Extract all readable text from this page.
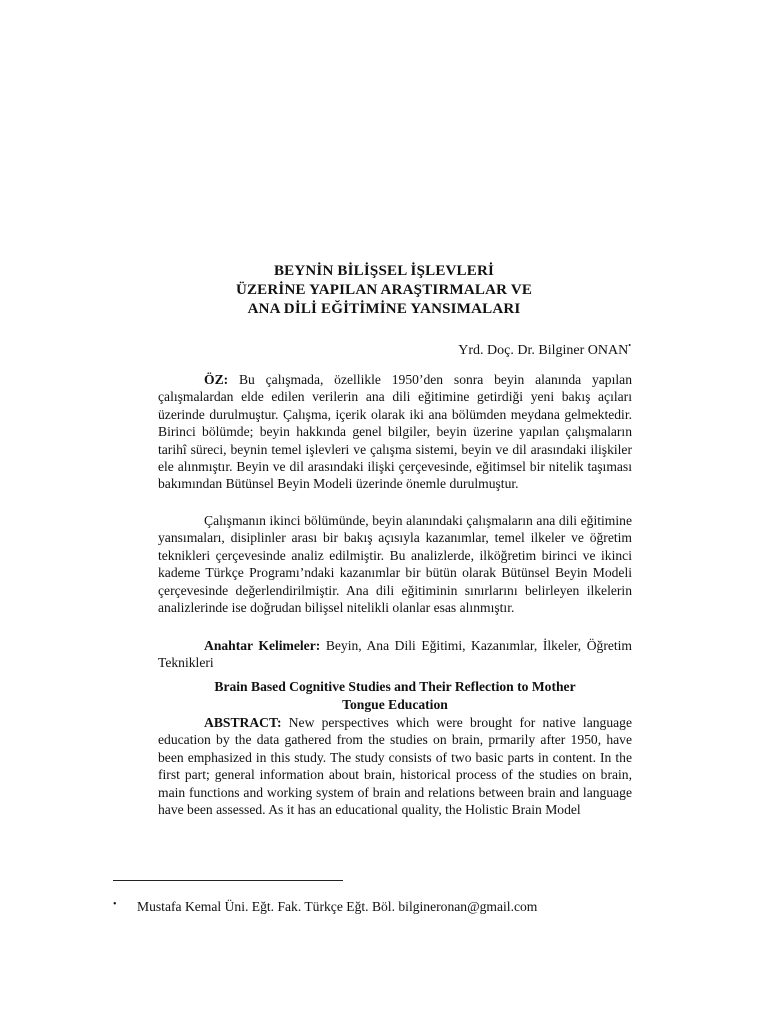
BEYNİN BİLİŞSEL İŞLEVLERİ
ÜZERİNE YAPILAN ARAŞTIRMALAR VE
ANA DİLİ EĞİTİMİNE YANSIMALARI
Yrd. Doç. Dr. Bilginer ONAN•

ÖZ: Bu çalışmada, özellikle 1950’den sonra beyin alanında yapılan çalışmalardan elde edilen verilerin ana dili eğitimine getirdiği yeni bakış açıları üzerinde durulmuştur. Çalışma, içerik olarak iki ana bölümden meydana gelmektedir. Birinci bölümde; beyin hakkında genel bilgiler, beyin üzerine yapılan çalışmaların tarihî süreci, beynin temel işlevleri ve çalışma sistemi, beyin ve dil arasındaki ilişkiler ele alınmıştır. Beyin ve dil arasındaki ilişki çerçevesinde, eğitimsel bir nitelik taşıması bakımından Bütünsel Beyin Modeli üzerinde önemle durulmuştur.

Çalışmanın ikinci bölümünde, beyin alanındaki çalışmaların ana dili eğitimine yansımaları, disiplinler arası bir bakış açısıyla kazanımlar, temel ilkeler ve öğretim teknikleri çerçevesinde analiz edilmiştir. Bu analizlerde, ilköğretim birinci ve ikinci kademe Türkçe Programı’ndaki kazanımlar bir bütün olarak Bütünsel Beyin Modeli çerçevesinde değerlendirilmiştir. Ana dili eğitiminin sınırlarını belirleyen ilkelerin analizlerinde ise doğrudan bilişsel nitelikli olanlar esas alınmıştır.

Anahtar Kelimeler: Beyin, Ana Dili Eğitimi, Kazanımlar, İlkeler, Öğretim Teknikleri

Brain Based Cognitive Studies and Their Reflection to Mother
Tongue Education

ABSTRACT: New perspectives which were brought for native language education by the data gathered from the studies on brain, prmarily after 1950, have been emphasized in this study. The study consists of two basic parts in content. In the first part; general information about brain, historical process of the studies on brain, main functions and working system of brain and relations between brain and language have been assessed. As it has an educational quality, the Holistic Brain Model

• Mustafa Kemal Üni. Eğt. Fak. Türkçe Eğt. Böl. bilgineronan@gmail.com
